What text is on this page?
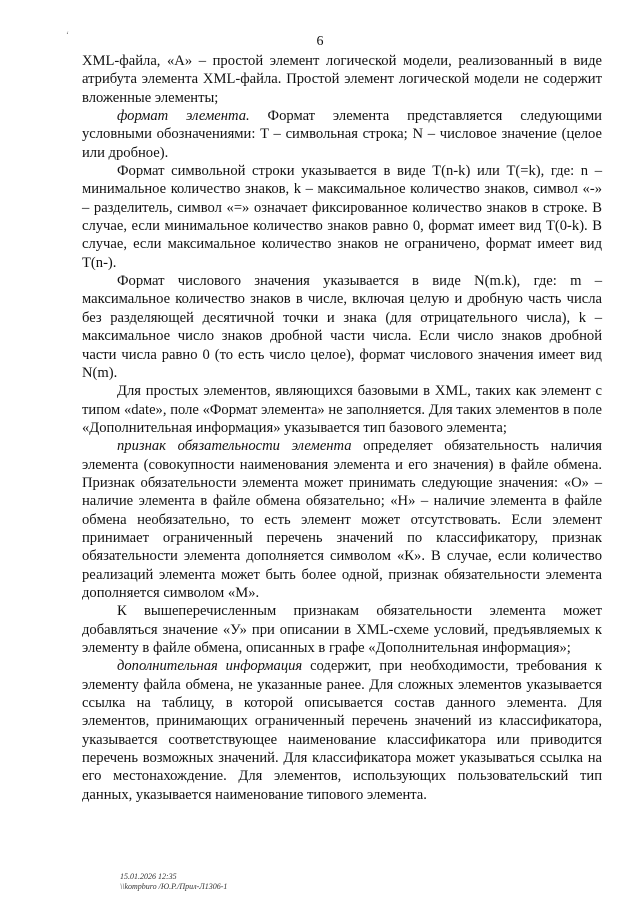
‘	6

XML-файла, «А» – простой элемент логической модели, реализованный в виде атрибута элемента XML-файла. Простой элемент логической модели не содержит вложенные элементы;

формат элемента. Формат элемента представляется следующими условными обозначениями: T – символьная строка; N – числовое значение (целое или дробное).

Формат символьной строки указывается в виде T(n-k) или T(=k), где: n – минимальное количество знаков, k – максимальное количество знаков, символ «-» – разделитель, символ «=» означает фиксированное количество знаков в строке. В случае, если минимальное количество знаков равно 0, формат имеет вид T(0-k). В случае, если максимальное количество знаков не ограничено, формат имеет вид T(n-).

Формат числового значения указывается в виде N(m.k), где: m – максимальное количество знаков в числе, включая целую и дробную часть числа без разделяющей десятичной точки и знака (для отрицательного числа), k – максимальное число знаков дробной части числа. Если число знаков дробной части числа равно 0 (то есть число целое), формат числового значения имеет вид N(m).

Для простых элементов, являющихся базовыми в XML, таких как элемент с типом «date», поле «Формат элемента» не заполняется. Для таких элементов в поле «Дополнительная информация» указывается тип базового элемента;

признак обязательности элемента определяет обязательность наличия элемента (совокупности наименования элемента и его значения) в файле обмена. Признак обязательности элемента может принимать следующие значения: «О» – наличие элемента в файле обмена обязательно; «Н» – наличие элемента в файле обмена необязательно, то есть элемент может отсутствовать. Если элемент принимает ограниченный перечень значений по классификатору, признак обязательности элемента дополняется символом «К». В случае, если количество реализаций элемента может быть более одной, признак обязательности элемента дополняется символом «М».

К вышеперечисленным признакам обязательности элемента может добавляться значение «У» при описании в XML-схеме условий, предъявляемых к элементу в файле обмена, описанных в графе «Дополнительная информация»;

дополнительная информация содержит, при необходимости, требования к элементу файла обмена, не указанные ранее. Для сложных элементов указывается ссылка на таблицу, в которой описывается состав данного элемента. Для элементов, принимающих ограниченный перечень значений из классификатора, указывается соответствующее наименование классификатора или приводится перечень возможных значений. Для классификатора может указываться ссылка на его местонахождение. Для элементов, использующих пользовательский тип данных, указывается наименование типового элемента.

15.01.2026 12:35
\\kompburo /Ю.Р./Прил-Л1306-1
